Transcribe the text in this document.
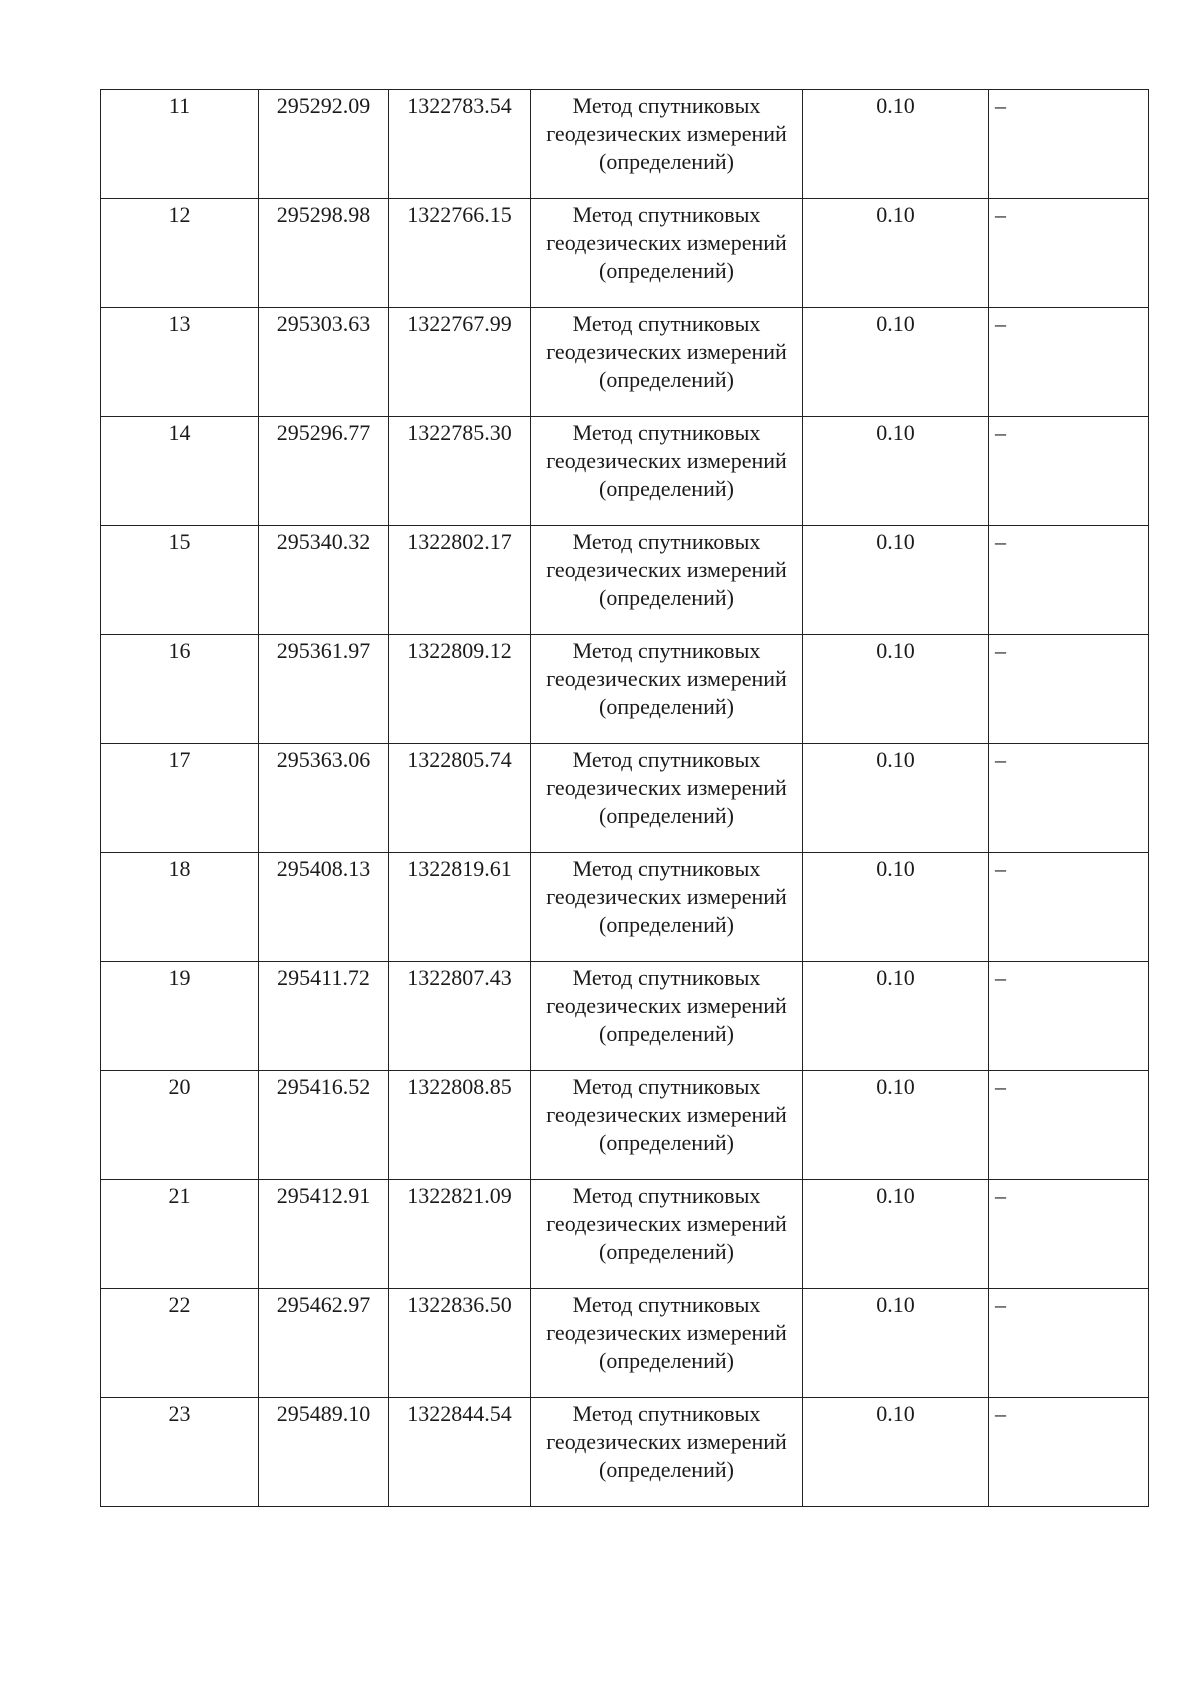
11	295292.09	1322783.54	Метод спутниковых геодезических измерений (определений)	0.10	–
12	295298.98	1322766.15	Метод спутниковых геодезических измерений (определений)	0.10	–
13	295303.63	1322767.99	Метод спутниковых геодезических измерений (определений)	0.10	–
14	295296.77	1322785.30	Метод спутниковых геодезических измерений (определений)	0.10	–
15	295340.32	1322802.17	Метод спутниковых геодезических измерений (определений)	0.10	–
16	295361.97	1322809.12	Метод спутниковых геодезических измерений (определений)	0.10	–
17	295363.06	1322805.74	Метод спутниковых геодезических измерений (определений)	0.10	–
18	295408.13	1322819.61	Метод спутниковых геодезических измерений (определений)	0.10	–
19	295411.72	1322807.43	Метод спутниковых геодезических измерений (определений)	0.10	–
20	295416.52	1322808.85	Метод спутниковых геодезических измерений (определений)	0.10	–
21	295412.91	1322821.09	Метод спутниковых геодезических измерений (определений)	0.10	–
22	295462.97	1322836.50	Метод спутниковых геодезических измерений (определений)	0.10	–
23	295489.10	1322844.54	Метод спутниковых геодезических измерений (определений)	0.10	–
